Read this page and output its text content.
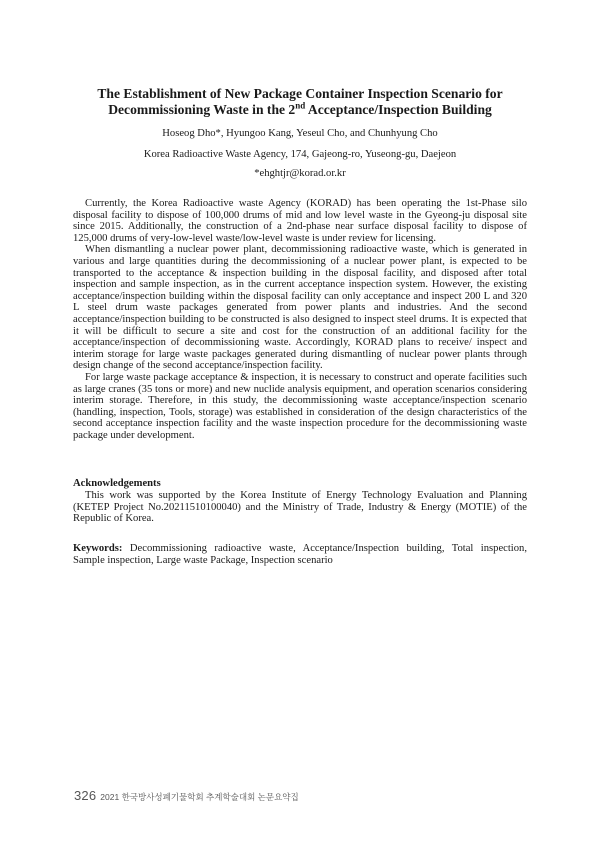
The Establishment of New Package Container Inspection Scenario for
Decommissioning Waste in the 2nd Acceptance/Inspection Building
Hoseog Dho*, Hyungoo Kang, Yeseul Cho, and Chunhyung Cho
Korea Radioactive Waste Agency, 174, Gajeong-ro, Yuseong-gu, Daejeon
*ehghtjr@korad.or.kr

Currently, the Korea Radioactive waste Agency (KORAD) has been operating the 1st-Phase silo disposal facility to dispose of 100,000 drums of mid and low level waste in the Gyeong-ju disposal site since 2015. Additionally, the construction of a 2nd-phase near surface disposal facility to dispose of 125,000 drums of very-low-level waste/low-level waste is under review for licensing.

When dismantling a nuclear power plant, decommissioning radioactive waste, which is generated in various and large quantities during the decommissioning of a nuclear power plant, is expected to be transported to the acceptance & inspection building in the disposal facility, and disposed after total inspection and sample inspection, as in the current acceptance inspection system. However, the existing acceptance/inspection building within the disposal facility can only acceptance and inspect 200 L and 320 L steel drum waste packages generated from power plants and industries. And the second acceptance/inspection building to be constructed is also designed to inspect steel drums. It is expected that it will be difficult to secure a site and cost for the construction of an additional facility for the acceptance/inspection of decommissioning waste. Accordingly, KORAD plans to receive/ inspect and interim storage for large waste packages generated during dismantling of nuclear power plants through design change of the second acceptance/inspection facility.

For large waste package acceptance & inspection, it is necessary to construct and operate facilities such as large cranes (35 tons or more) and new nuclide analysis equipment, and operation scenarios considering interim storage. Therefore, in this study, the decommissioning waste acceptance/inspection scenario (handling, inspection, Tools, storage) was established in consideration of the design characteristics of the second acceptance inspection facility and the waste inspection procedure for the decommissioning waste package under development.

Acknowledgements

This work was supported by the Korea Institute of Energy Technology Evaluation and Planning (KETEP Project No.20211510100040) and the Ministry of Trade, Industry & Energy (MOTIE) of the Republic of Korea.

Keywords: Decommissioning radioactive waste, Acceptance/Inspection building, Total inspection, Sample inspection, Large waste Package, Inspection scenario

326 2021 한국방사성폐기물학회 추계학술대회 논문요약집
